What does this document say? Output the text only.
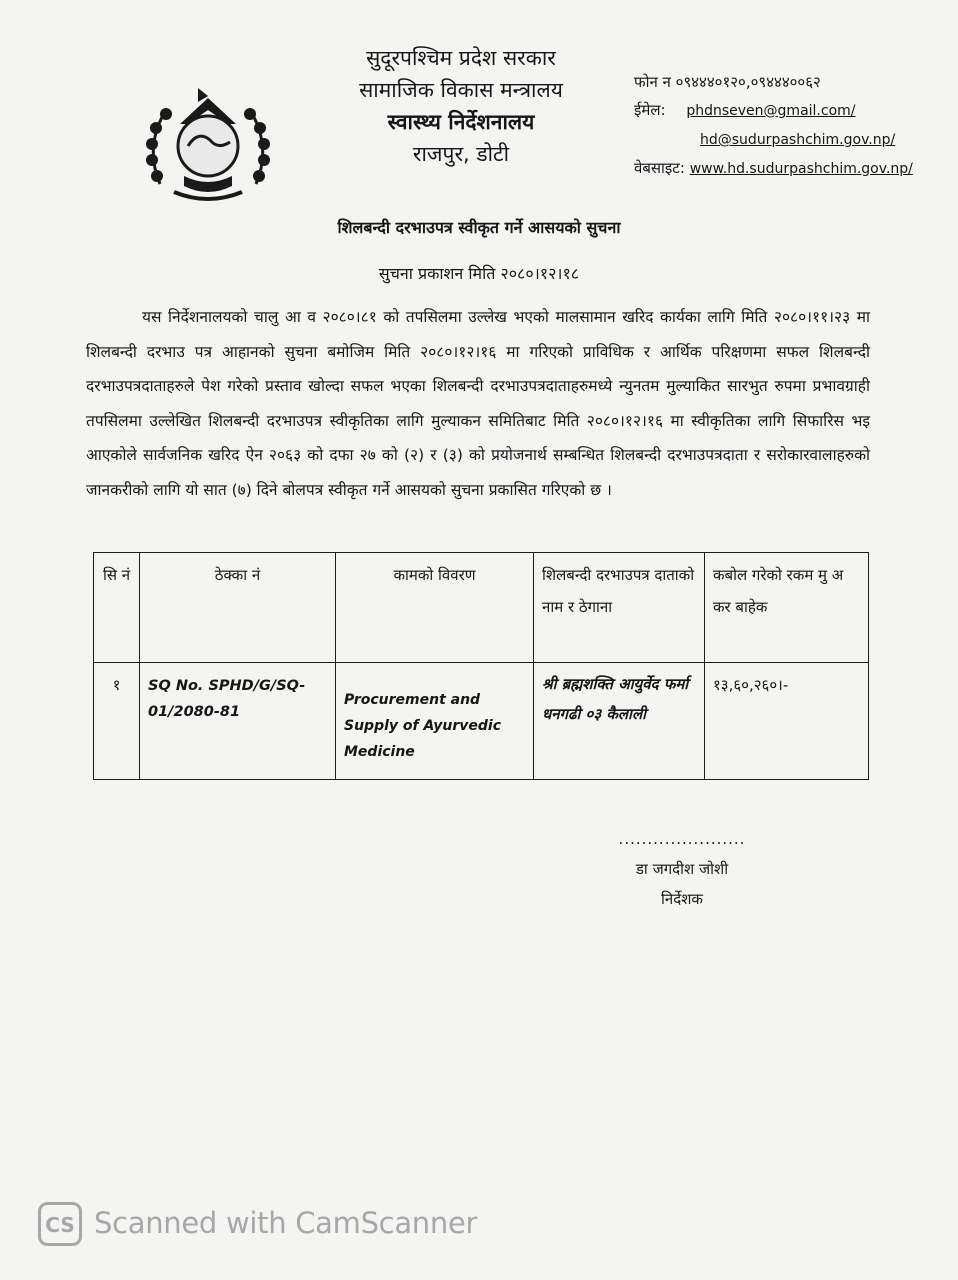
सुदूरपश्चिम प्रदेश सरकार
सामाजिक विकास मन्त्रालय
स्वास्थ्य निर्देशनालय
राजपुर, डोटी
फोन न ०९४४४०१२०,०९४४४००६२
ईमेल: phdnseven@gmail.com/
hd@sudurpashchim.gov.np/
वेबसाइट: www.hd.sudurpashchim.gov.np/
शिलबन्दी दरभाउपत्र स्वीकृत गर्ने आसयको सुचना
सुचना प्रकाशन मिति २०८०।१२।१८
यस निर्देशनालयको चालु आ व २०८०।८१ को तपसिलमा उल्लेख भएको मालसामान खरिद कार्यका लागि मिति २०८०।११।२३ मा शिलबन्दी दरभाउ पत्र आहानको सुचना बमोजिम मिति २०८०।१२।१६ मा गरिएको प्राविधिक र आर्थिक परिक्षणमा सफल शिलबन्दी दरभाउपत्रदाताहरुले पेश गरेको प्रस्ताव खोल्दा सफल भएका शिलबन्दी दरभाउपत्रदाताहरुमध्ये न्युनतम मुल्याकित सारभुत रुपमा प्रभावग्राही तपसिलमा उल्लेखित शिलबन्दी दरभाउपत्र स्वीकृतिका लागि मुल्याकन समितिबाट मिति २०८०।१२।१६ मा स्वीकृतिका लागि सिफारिस भइ आएकोले सार्वजनिक खरिद ऐन २०६३ को दफा २७ को (२) र (३) को प्रयोजनार्थ सम्बन्धित शिलबन्दी दरभाउपत्रदाता र सरोकारवालाहरुको जानकरीको लागि यो सात (७) दिने बोलपत्र स्वीकृत गर्ने आसयको सुचना प्रकासित गरिएको छ ।
सि नं	ठेक्का नं	कामको विवरण	शिलबन्दी दरभाउपत्र दाताको नाम र ठेगाना	कबोल गरेको रकम मु अ कर बाहेक
१	SQ No. SPHD/G/SQ-01/2080-81	Procurement and Supply of Ayurvedic Medicine	श्री ब्रह्मशक्ति आयुर्वेद फर्मा धनगढी ०३ कैलाली	१३,६०,२६०।-
......................
डा जगदीश जोशी
निर्देशक
CS Scanned with CamScanner
